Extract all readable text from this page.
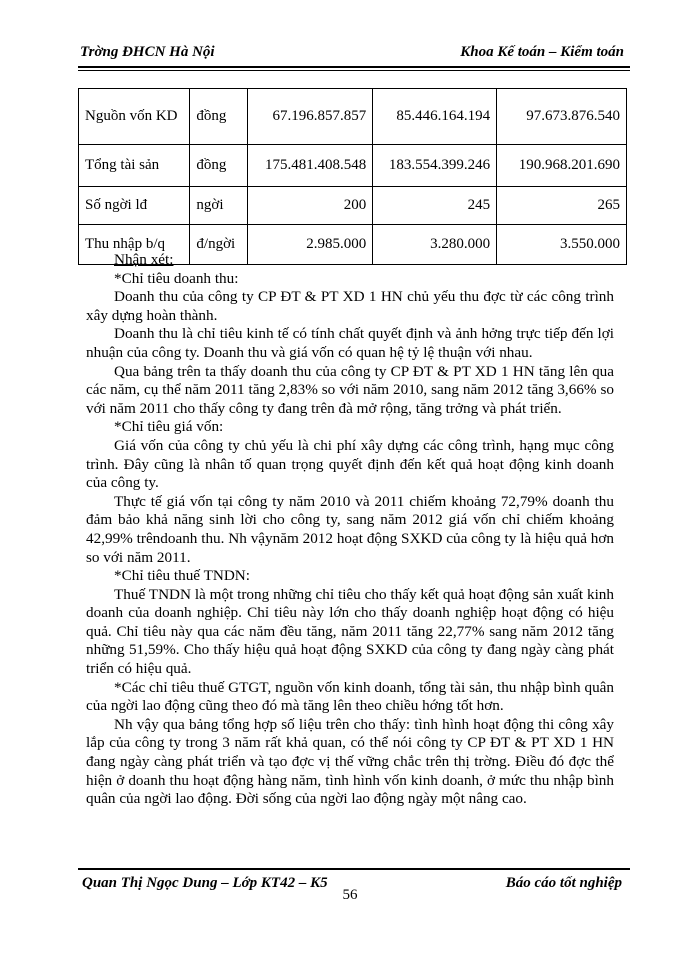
Trờng ĐHCN Hà Nội	Khoa Kế toán – Kiểm toán
Nguồn vốn KD	đồng	67.196.857.857	85.446.164.194	97.673.876.540
Tổng tài sản	đồng	175.481.408.548	183.554.399.246	190.968.201.690
Số ngời lđ	ngời	200	245	265
Thu nhập b/q	đ/ngời	2.985.000	3.280.000	3.550.000

Nhận xét:

*Chỉ tiêu doanh thu:

Doanh thu của công ty CP ĐT & PT XD 1 HN chủ yếu thu đợc từ các công trình xây dựng hoàn thành.

Doanh thu là chỉ tiêu kinh tế có tính chất quyết định và ảnh hởng trực tiếp đến lợi nhuận của công ty. Doanh thu và giá vốn có quan hệ tỷ lệ thuận với nhau.

Qua bảng trên ta thấy doanh thu của công ty CP ĐT & PT XD 1 HN tăng lên qua các năm, cụ thể năm 2011 tăng 2,83% so với năm 2010, sang năm 2012 tăng 3,66% so với năm 2011 cho thấy công ty đang trên đà mở rộng, tăng trởng và phát triển.

*Chỉ tiêu giá vốn:

Giá vốn của công ty chủ yếu là chi phí xây dựng các công trình, hạng mục công trình. Đây cũng là nhân tố quan trọng quyết định đến kết quả hoạt động kinh doanh của công ty.

Thực tế giá vốn tại công ty năm 2010 và 2011 chiếm khoảng 72,79% doanh thu đảm bảo khả năng sinh lời cho công ty, sang năm 2012 giá vốn chỉ chiếm khoảng 42,99% trêndoanh thu. Nh vậynăm 2012 hoạt động SXKD của công ty là hiệu quả hơn so với năm 2011.

*Chỉ tiêu thuế TNDN:

Thuế TNDN là một trong những chỉ tiêu cho thấy kết quả hoạt động sản xuất kinh doanh của doanh nghiệp. Chỉ tiêu này lớn cho thấy doanh nghiệp hoạt động có hiệu quả. Chỉ tiêu này qua các năm đều tăng, năm 2011 tăng 22,77% sang năm 2012 tăng những 51,59%. Cho thấy hiệu quả hoạt động SXKD của công ty đang ngày càng phát triển có hiệu quả.

*Các chỉ tiêu thuế GTGT, nguồn vốn kinh doanh, tổng tài sản, thu nhập bình quân của ngời lao động cũng theo đó mà tăng lên theo chiều hớng tốt hơn.

Nh vậy qua bảng tổng hợp số liệu trên cho thấy: tình hình hoạt động thi công xây lắp của công ty trong 3 năm rất khả quan, có thể nói công ty CP ĐT & PT XD 1 HN đang ngày càng phát triển và tạo đợc vị thế vững chắc trên thị trờng. Điều đó đợc thể hiện ở doanh thu hoạt động hàng năm, tình hình vốn kinh doanh, ở mức thu nhập bình quân của ngời lao động. Đời sống của ngời lao động ngày một nâng cao.

Quan Thị Ngọc Dung – Lớp KT42 – K5	Báo cáo tốt nghiệp
56
